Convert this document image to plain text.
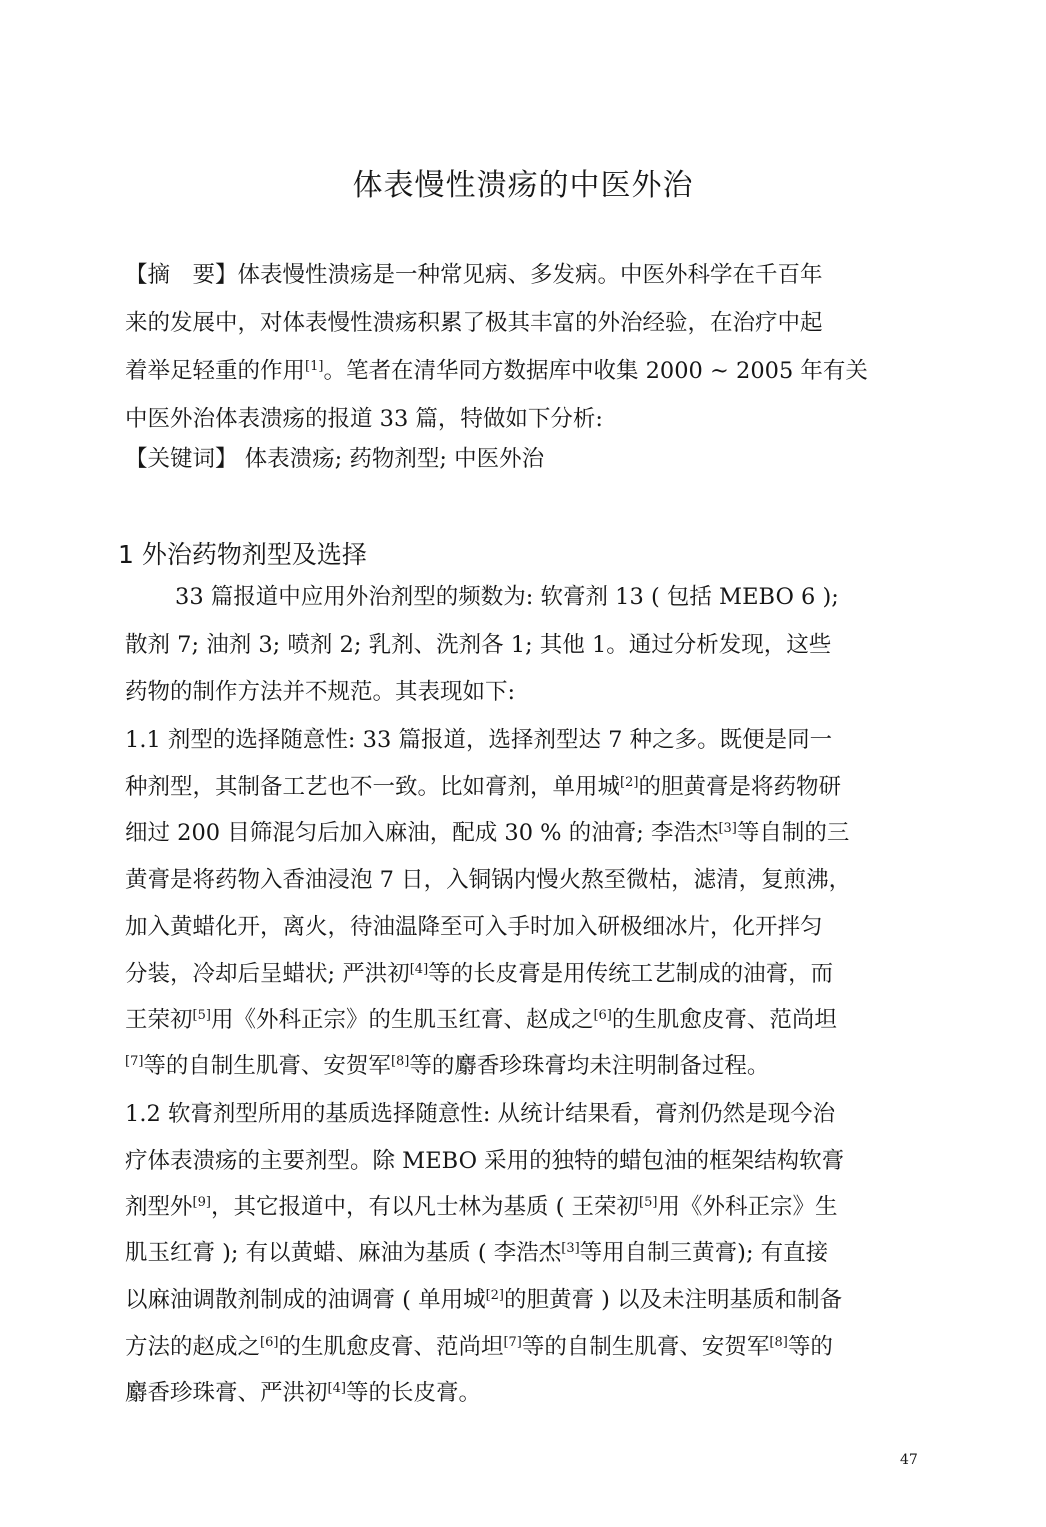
体表慢性溃疡的中医外治
【摘　要】体表慢性溃疡是一种常见病、多发病。中医外科学在千百年
来的发展中，对体表慢性溃疡积累了极其丰富的外治经验，在治疗中起
着举足轻重的作用[1]。笔者在清华同方数据库中收集 2000 ~ 2005 年有关
中医外治体表溃疡的报道 33 篇，特做如下分析:
【关键词】 体表溃疡; 药物剂型; 中医外治
1 外治药物剂型及选择
33 篇报道中应用外治剂型的频数为: 软膏剂 13 ( 包括 MEBO 6 );
散剂 7; 油剂 3; 喷剂 2; 乳剂、洗剂各 1; 其他 1。通过分析发现，这些
药物的制作方法并不规范。其表现如下:
1.1 剂型的选择随意性: 33 篇报道，选择剂型达 7 种之多。既便是同一
种剂型，其制备工艺也不一致。比如膏剂，单用城[2]的胆黄膏是将药物研
细过 200 目筛混匀后加入麻油，配成 30 % 的油膏; 李浩杰[3]等自制的三
黄膏是将药物入香油浸泡 7 日，入铜锅内慢火熬至微枯，滤清，复煎沸，
加入黄蜡化开，离火，待油温降至可入手时加入研极细冰片，化开拌匀
分装，冷却后呈蜡状; 严洪初[4]等的长皮膏是用传统工艺制成的油膏，而
王荣初[5]用《外科正宗》的生肌玉红膏、赵成之[6]的生肌愈皮膏、范尚坦
[7]等的自制生肌膏、安贺军[8]等的麝香珍珠膏均未注明制备过程。
1.2 软膏剂型所用的基质选择随意性: 从统计结果看，膏剂仍然是现今治
疗体表溃疡的主要剂型。除 MEBO 采用的独特的蜡包油的框架结构软膏
剂型外[9]，其它报道中，有以凡士林为基质 ( 王荣初[5]用《外科正宗》生
肌玉红膏 ); 有以黄蜡、麻油为基质 ( 李浩杰[3]等用自制三黄膏); 有直接
以麻油调散剂制成的油调膏 ( 单用城[2]的胆黄膏 ) 以及未注明基质和制备
方法的赵成之[6]的生肌愈皮膏、范尚坦[7]等的自制生肌膏、安贺军[8]等的
麝香珍珠膏、严洪初[4]等的长皮膏。
47
